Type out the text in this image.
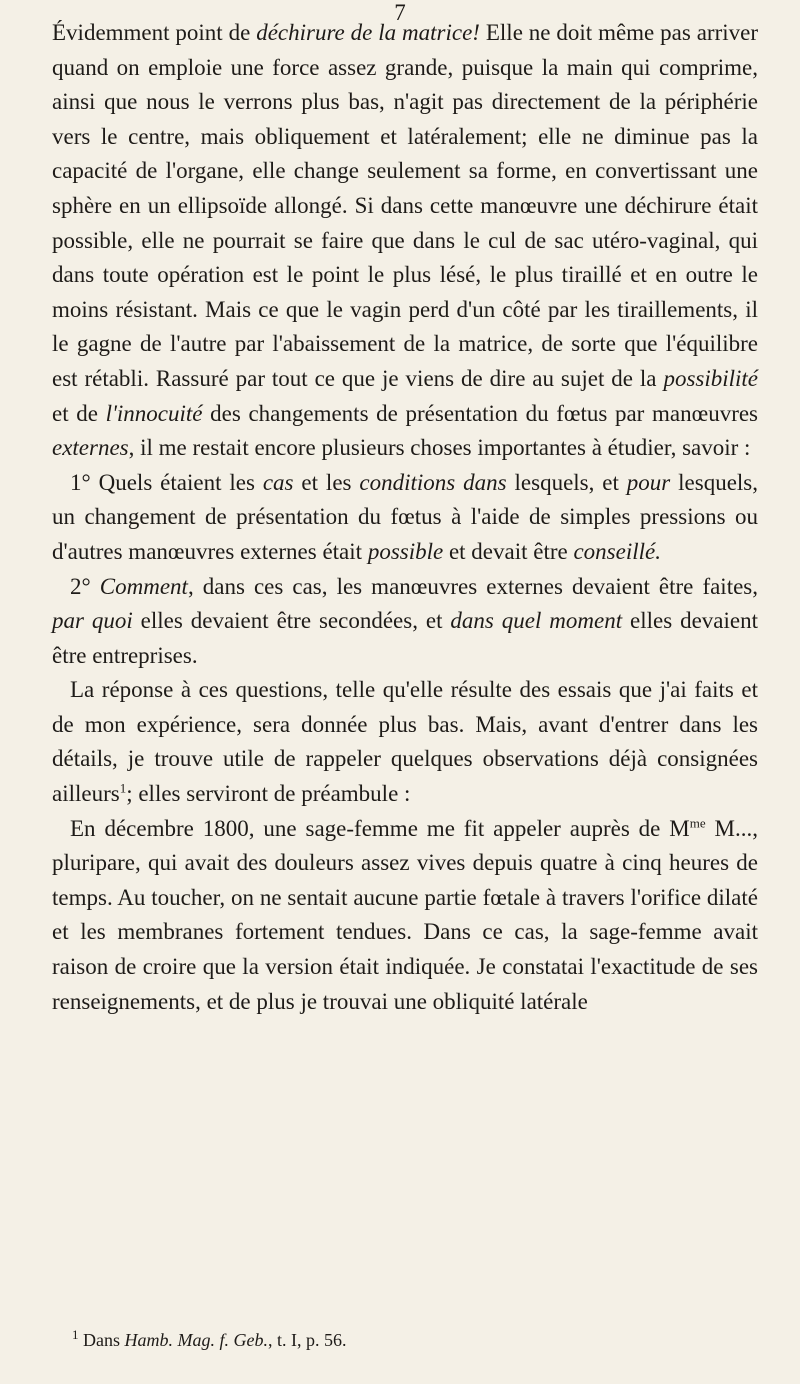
7

Évidemment point de déchirure de la matrice! Elle ne doit même pas arriver quand on emploie une force assez grande, puisque la main qui comprime, ainsi que nous le verrons plus bas, n'agit pas directement de la périphérie vers le centre, mais obliquement et latéralement; elle ne diminue pas la capacité de l'organe, elle change seulement sa forme, en convertissant une sphère en un ellipsoïde allongé. Si dans cette manœuvre une déchirure était possible, elle ne pourrait se faire que dans le cul de sac utéro-vaginal, qui dans toute opération est le point le plus lésé, le plus tiraillé et en outre le moins résistant. Mais ce que le vagin perd d'un côté par les tiraillements, il le gagne de l'autre par l'abaissement de la matrice, de sorte que l'équilibre est rétabli. Rassuré par tout ce que je viens de dire au sujet de la possibilité et de l'innocuité des changements de présentation du fœtus par manœuvres externes, il me restait encore plusieurs choses importantes à étudier, savoir :

1° Quels étaient les cas et les conditions dans lesquels, et pour lesquels, un changement de présentation du fœtus à l'aide de simples pressions ou d'autres manœuvres externes était possible et devait être conseillé.

2° Comment, dans ces cas, les manœuvres externes devaient être faites, par quoi elles devaient être secondées, et dans quel moment elles devaient être entreprises.

La réponse à ces questions, telle qu'elle résulte des essais que j'ai faits et de mon expérience, sera donnée plus bas. Mais, avant d'entrer dans les détails, je trouve utile de rappeler quelques observations déjà consignées ailleurs$^1$; elles serviront de préambule :

En décembre 1800, une sage-femme me fit appeler auprès de $M^{me}$ M..., pluripare, qui avait des douleurs assez vives depuis quatre à cinq heures de temps. Au toucher, on ne sentait aucune partie fœtale à travers l'orifice dilaté et les membranes fortement tendues. Dans ce cas, la sage-femme avait raison de croire que la version était indiquée. Je constatai l'exactitude de ses renseignements, et de plus je trouvai une obliquité latérale

$^1$ Dans Hamb. Mag. f. Geb., t. I, p. 56.
